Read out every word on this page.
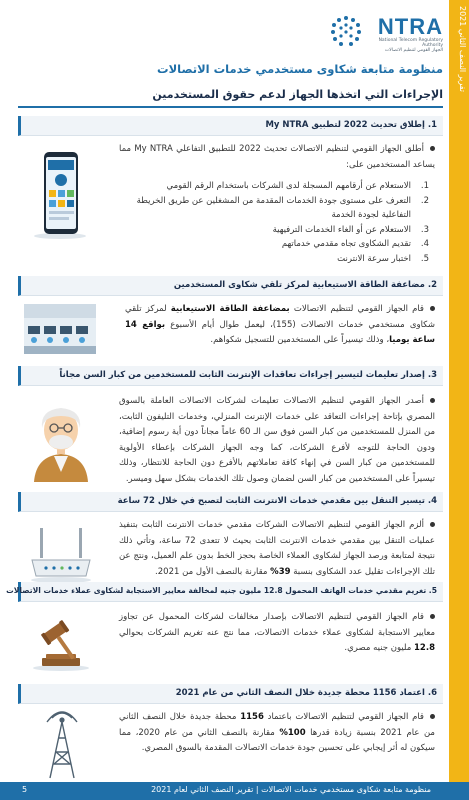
تقرير النصف الثاني 2021
NTRA
National Telecom Regulatory Authority
الجهاز القومي لتنظيم الاتصالات
منظومة متابعة شكاوى مستخدمي خدمات الاتصالات
الإجراءات التي اتخذها الجهاز لدعم حقوق المستخدمين
1. إطلاق تحديث 2022 لتطبيق My NTRA

أطلق الجهاز القومي لتنظيم الاتصالات تحديث 2022 للتطبيق التفاعلي My NTRA مما يساعد المستخدمين على:

1.
الاستعلام عن أرقامهم المسجلة لدى الشركات باستخدام الرقم القومي
2.
التعرف على مستوى جودة الخدمات المقدمة من المشغلين عن طريق الخريطة التفاعلية لجودة الخدمة
3.
الاستعلام عن أو الغاء الخدمات الترفيهية
4.
تقديم الشكاوى تجاه مقدمي خدماتهم
5.
اختبار سرعة الانترنت
2. مضاعفة الطاقة الاستيعابية لمركز تلقي شكاوى المستخدمين

قام الجهاز القومي لتنظيم الاتصالات بمضاعفة الطاقة الاستيعابية لمركز تلقي شكاوى مستخدمي خدمات الاتصالات (155)، ليعمل طوال أيام الأسبوع بواقع 14 ساعة يوميا، وذلك تيسيراً على المستخدمين للتسجيل شكواهم.

3. إصدار تعليمات لتيسير إجراءات تعاقدات الإنترنت الثابت للمستخدمين من كبار السن مجاناً

أصدر الجهاز القومي لتنظيم الاتصالات تعليمات لشركات الاتصالات العاملة بالسوق المصري بإتاحة إجراءات التعاقد على خدمات الإنترنت المنزلي، وخدمات التليفون الثابت، من المنزل للمستخدمين من كبار السن فوق سن الـ 60 عاماً مجاناً دون أية رسوم إضافية، ودون الحاجة للتوجه لأفرع الشركات، كما وجه الجهاز الشركات بإعطاء الأولوية للمستخدمين من كبار السن في إنهاء كافة تعاملاتهم بالأفرع دون الحاجة للانتظار، وذلك تيسيراً على المستخدمين من كبار السن لضمان وصول تلك الخدمات بشكل سهل وميسر.

4. تيسير التنقل بين مقدمي خدمات الانترنت الثابت لتصبح في خلال 72 ساعة

ألزم الجهاز القومي لتنظيم الاتصالات الشركات مقدمي خدمات الانترنت الثابت بتنفيذ عمليات التنقل بين مقدمي خدمات الانترنت الثابت بحيث لا تتعدى 72 ساعة، وتأتي ذلك نتيجة لمتابعة ورصد الجهاز لشكاوى العملاء الخاصة بحجز الخط بدون علم العميل، ونتج عن تلك الإجراءات تقليل عدد الشكاوى بنسبة 39% مقارنة بالنصف الأول من 2021.

5. تغريم مقدمي خدمات الهاتف المحمول 12.8 مليون جنيه لمخالفة معايير الاستجابة لشكاوى عملاء خدمات الاتصالات

قام الجهاز القومي لتنظيم الاتصالات بإصدار مخالفات لشركات المحمول عن تجاوز معايير الاستجابة لشكاوى عملاء خدمات الاتصالات، مما نتج عنه تغريم الشركات بحوالي 12.8 مليون جنيه مصري.

6. اعتماد 1156 محطة جديدة خلال النصف الثاني من عام 2021

قام الجهاز القومي لتنظيم الاتصالات باعتماد 1156 محطة جديدة خلال النصف الثاني من عام 2021 بنسبة زيادة قدرها 100% مقارنة بالنصف الثاني من عام 2020، مما سيكون له أثر إيجابي على تحسين جودة خدمات الاتصالات المقدمة بالسوق المصري.

منظومة متابعة شكاوى مستخدمي خدمات الاتصالات | تقرير النصف الثاني لعام 2021
5
